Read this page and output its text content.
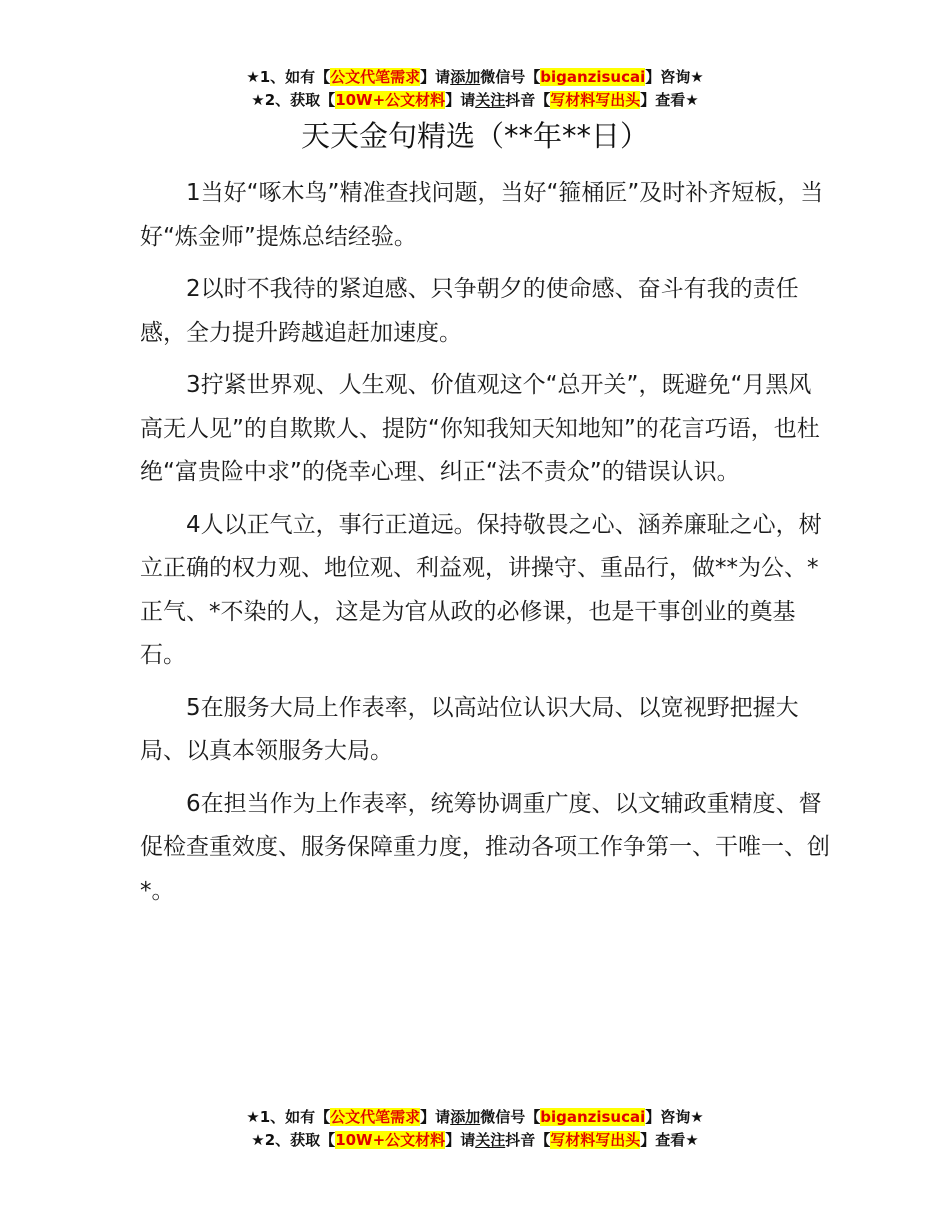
★1、如有【公文代笔需求】请添加微信号【biganzisucai】咨询★
★2、获取【10W+公文材料】请关注抖音【写材料写出头】查看★
天天金句精选（**年**日）

1当好“啄木鸟”精准查找问题，当好“箍桶匠”及时补齐短板，当好“炼金师”提炼总结经验。

2以时不我待的紧迫感、只争朝夕的使命感、奋斗有我的责任感，全力提升跨越追赶加速度。

3拧紧世界观、人生观、价值观这个“总开关”，既避免“月黑风高无人见”的自欺欺人、提防“你知我知天知地知”的花言巧语，也杜绝“富贵险中求”的侥幸心理、纠正“法不责众”的错误认识。

4人以正气立，事行正道远。保持敬畏之心、涵养廉耻之心，树立正确的权力观、地位观、利益观，讲操守、重品行，做**为公、*正气、*不染的人，这是为官从政的必修课，也是干事创业的奠基石。

5在服务大局上作表率，以高站位认识大局、以宽视野把握大局、以真本领服务大局。

6在担当作为上作表率，统筹协调重广度、以文辅政重精度、督促检查重效度、服务保障重力度，推动各项工作争第一、干唯一、创*。

★1、如有【公文代笔需求】请添加微信号【biganzisucai】咨询★
★2、获取【10W+公文材料】请关注抖音【写材料写出头】查看★
